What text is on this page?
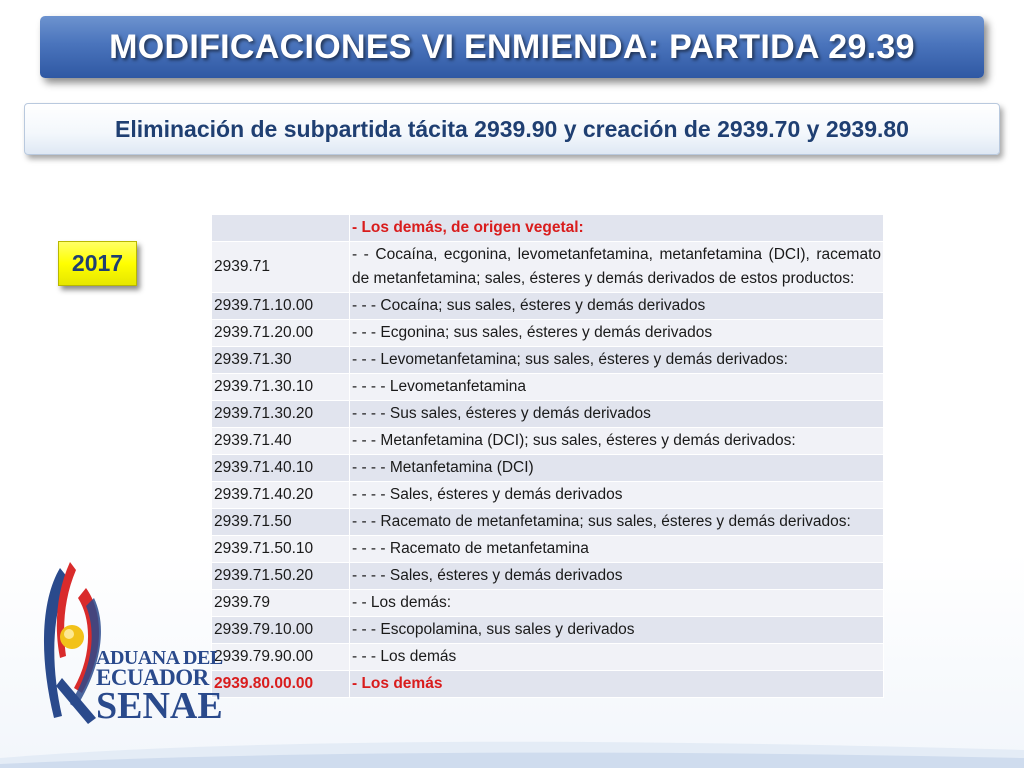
MODIFICACIONES VI ENMIENDA: PARTIDA 29.39
Eliminación de subpartida tácita 2939.90 y creación de 2939.70 y 2939.80
2017
	- Los demás, de origen vegetal:
2939.71	- - Cocaína, ecgonina, levometanfetamina, metanfetamina (DCI), racemato de metanfetamina; sales, ésteres y demás derivados de estos productos:
2939.71.10.00	- - - Cocaína; sus sales, ésteres y demás derivados
2939.71.20.00	- - - Ecgonina; sus sales, ésteres y demás derivados
2939.71.30	- - - Levometanfetamina; sus sales, ésteres y demás derivados:
2939.71.30.10	- - - - Levometanfetamina
2939.71.30.20	- - - - Sus sales, ésteres y demás derivados
2939.71.40	- - - Metanfetamina (DCI); sus sales, ésteres y demás derivados:
2939.71.40.10	- - - - Metanfetamina (DCI)
2939.71.40.20	- - - - Sales, ésteres y demás derivados
2939.71.50	- - - Racemato de metanfetamina; sus sales, ésteres y demás derivados:
2939.71.50.10	- - - - Racemato de metanfetamina
2939.71.50.20	- - - - Sales, ésteres y demás derivados
2939.79	- - Los demás:
2939.79.10.00	- - - Escopolamina, sus sales y derivados
2939.79.90.00	- - - Los demás
2939.80.00.00	- Los demás
ADUANA DEL
ECUADOR
SENAE
